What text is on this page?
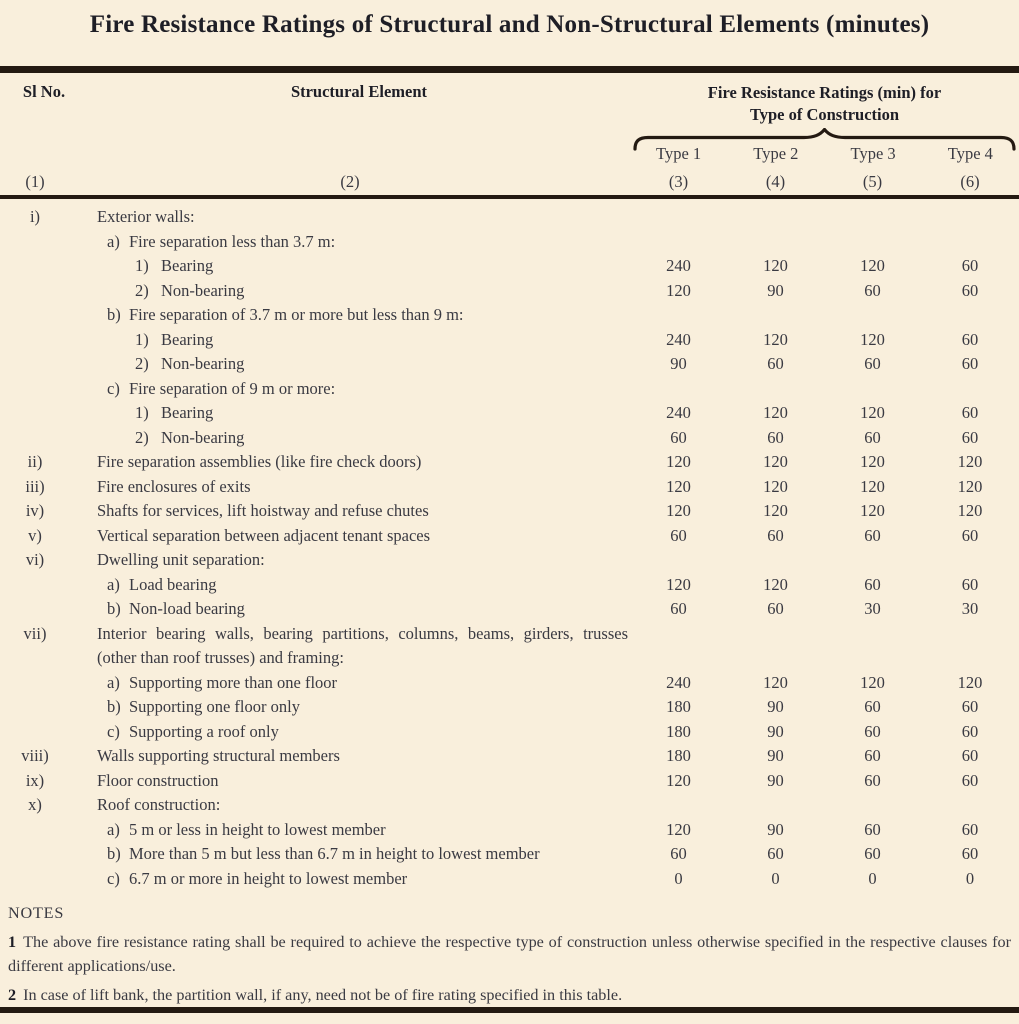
Fire Resistance Ratings of Structural and Non-Structural Elements (minutes)
Sl No.	Structural Element	Fire Resistance Ratings (min) for
Type of Construction
Type 1	Type 2	Type 3	Type 4
(1)	(2)	(3)	(4)	(5)	(6)
i)	Exterior walls:
a) Fire separation less than 3.7 m:
1) Bearing	240	120	120	60
2) Non-bearing	120	90	60	60
b) Fire separation of 3.7 m or more but less than 9 m:
1) Bearing	240	120	120	60
2) Non-bearing	90	60	60	60
c) Fire separation of 9 m or more:
1) Bearing	240	120	120	60
2) Non-bearing	60	60	60	60
ii)	Fire separation assemblies (like fire check doors)	120	120	120	120
iii)	Fire enclosures of exits	120	120	120	120
iv)	Shafts for services, lift hoistway and refuse chutes	120	120	120	120
v)	Vertical separation between adjacent tenant spaces	60	60	60	60
vi)	Dwelling unit separation:
a) Load bearing	120	120	60	60
b) Non-load bearing	60	60	30	30
vii)	Interior bearing walls, bearing partitions, columns, beams, girders, trusses (other than roof trusses) and framing:
a) Supporting more than one floor	240	120	120	120
b) Supporting one floor only	180	90	60	60
c) Supporting a roof only	180	90	60	60
viii)	Walls supporting structural members	180	90	60	60
ix)	Floor construction	120	90	60	60
x)	Roof construction:
a) 5 m or less in height to lowest member	120	90	60	60
b) More than 5 m but less than 6.7 m in height to lowest member	60	60	60	60
c) 6.7 m or more in height to lowest member	0	0	0	0
NOTES
1 The above fire resistance rating shall be required to achieve the respective type of construction unless otherwise specified in the respective clauses for different applications/use.
2 In case of lift bank, the partition wall, if any, need not be of fire rating specified in this table.
